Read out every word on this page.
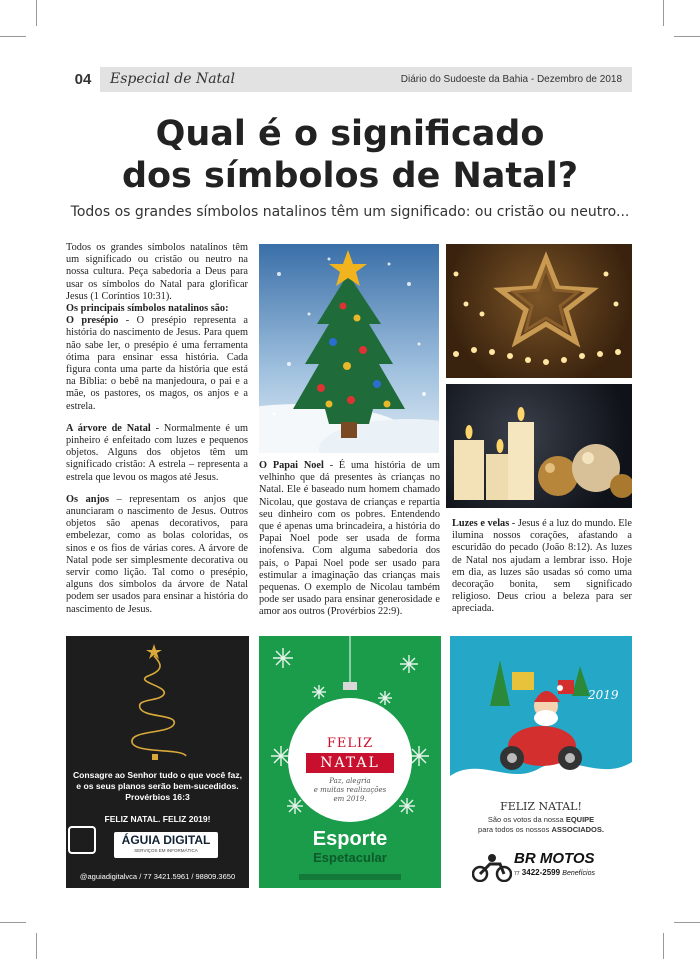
04	Especial de Natal	Diário do Sudoeste da Bahia - Dezembro de 2018
Qual é o significado
dos símbolos de Natal?
Todos os grandes símbolos natalinos têm um significado: ou cristão ou neutro...

Todos os grandes símbolos natalinos têm um significado ou cristão ou neutro na nossa cultura. Peça sabedoria a Deus para usar os símbolos do Natal para glorificar Jesus (1 Coríntios 10:31).

Os principais símbolos natalinos são:

O presépio - O presépio representa a história do nascimento de Jesus. Para quem não sabe ler, o presépio é uma ferramenta ótima para ensinar essa história. Cada figura conta uma parte da história que está na Bíblia: o bebê na manjedoura, o pai e a mãe, os pastores, os magos, os anjos e a estrela.

A árvore de Natal - Normalmente é um pinheiro é enfeitado com luzes e pequenos objetos. Alguns dos objetos têm um significado cristão: A estrela – representa a estrela que levou os magos até Jesus.

Os anjos – representam os anjos que anunciaram o nascimento de Jesus. Outros objetos são apenas decorativos, para embelezar, como as bolas coloridas, os sinos e os fios de várias cores. A árvore de Natal pode ser simplesmente decorativa ou servir como lição. Tal como o presépio, alguns dos símbolos da árvore de Natal podem ser usados para ensinar a história do nascimento de Jesus.

O Papai Noel - É uma história de um velhinho que dá presentes às crianças no Natal. Ele é baseado num homem chamado Nicolau, que gostava de crianças e repartia seu dinheiro com os pobres. Entendendo que é apenas uma brincadeira, a história do Papai Noel pode ser usada de forma inofensiva. Com alguma sabedoria dos pais, o Papai Noel pode ser usado para estimular a imaginação das crianças mais pequenas. O exemplo de Nicolau também pode ser usado para ensinar generosidade e amor aos outros (Provérbios 22:9).

Luzes e velas - Jesus é a luz do mundo. Ele ilumina nossos corações, afastando a escuridão do pecado (João 8:12). As luzes de Natal nos ajudam a lembrar isso. Hoje em dia, as luzes são usadas só como uma decoração bonita, sem significado religioso. Deus criou a beleza para ser apreciada.

Consagre ao Senhor tudo o que você faz,
e os seus planos serão bem-sucedidos.
Provérbios 16:3
FELIZ NATAL. FELIZ 2019!
ÁGUIA DIGITAL
SERVIÇOS EM INFORMÁTICA
@aguiadigitalvca / 77 3421.5961 / 98809.3650
FELIZ
NATAL
Paz, alegria
e muitas realizações
em 2019.
Esporte
Espetacular
2019
FELIZ NATAL!
São os votos da nossa EQUIPE
para todos os nossos ASSOCIADOS.
BR MOTOS
77 3422-2599 Benefícios
